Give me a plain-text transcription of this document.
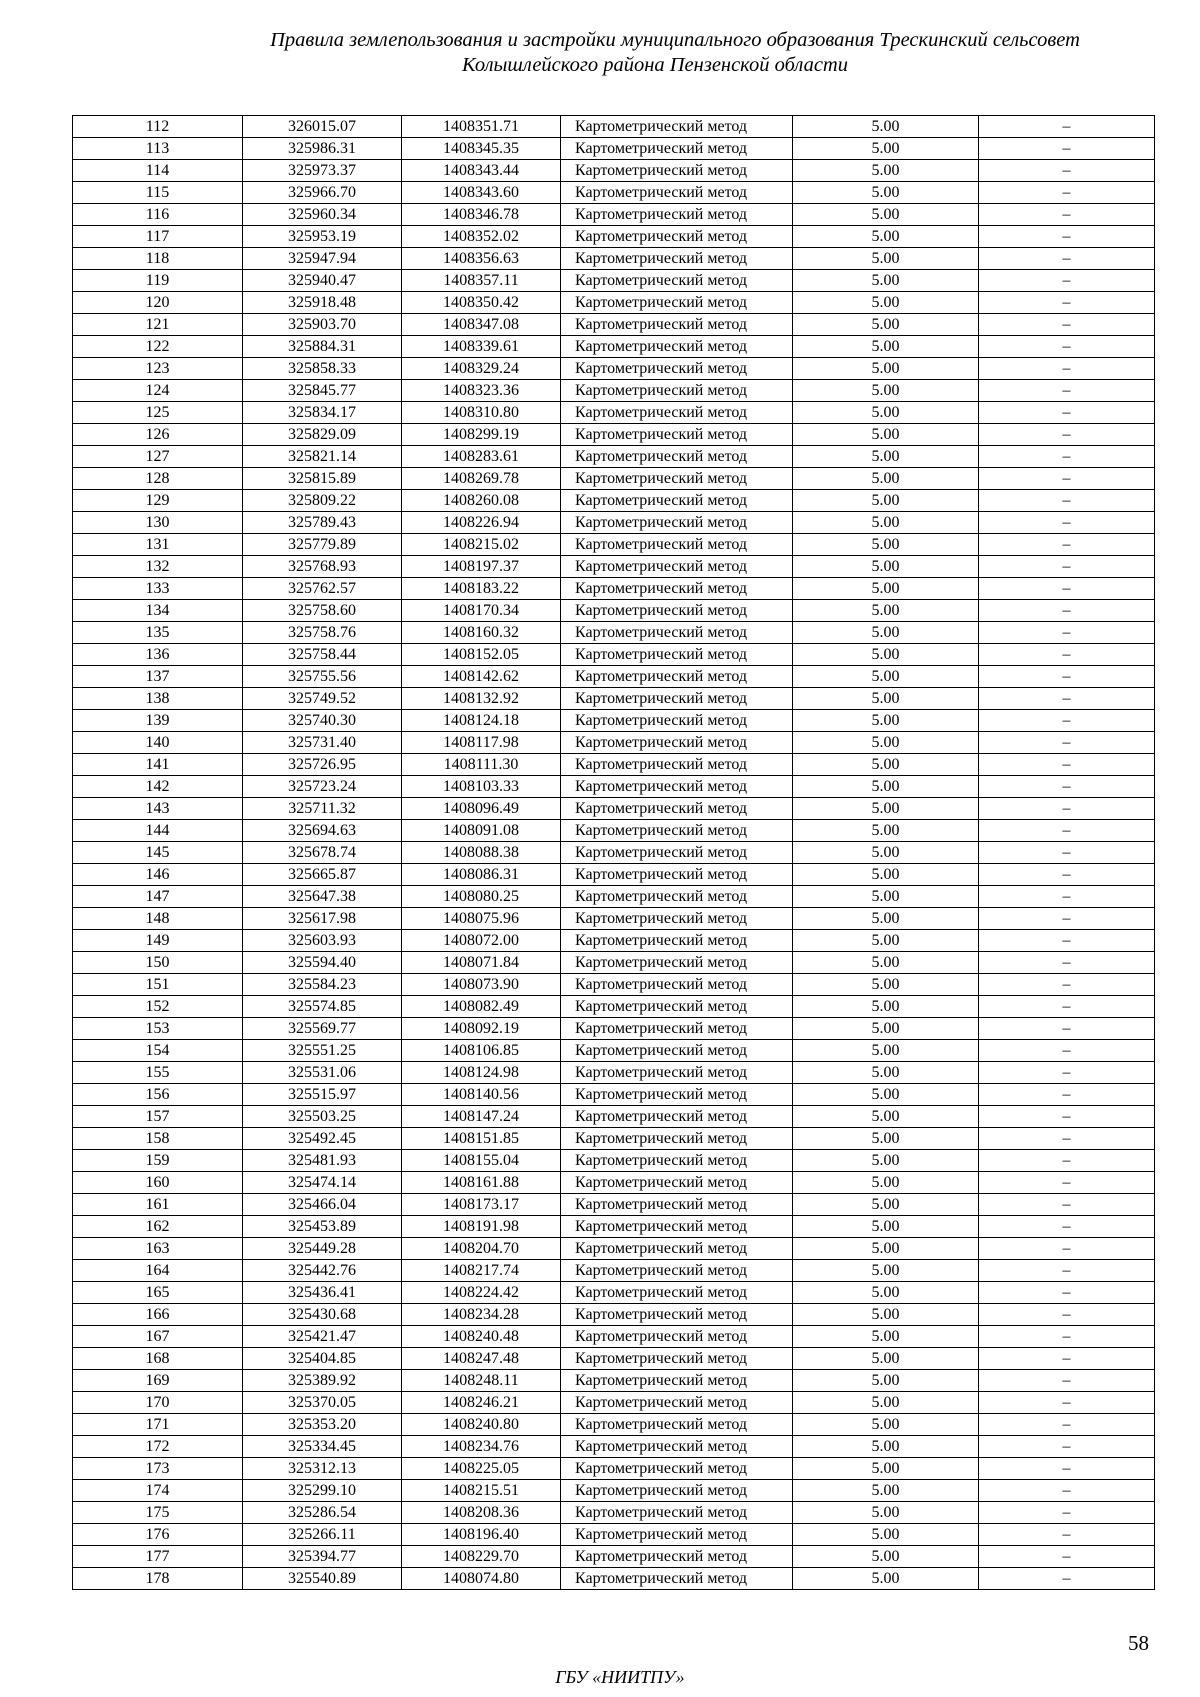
Правила землепользования и застройки муниципального образования Трескинский сельсовет
Колышлейского района Пензенской области
112	326015.07	1408351.71	Картометрический метод	5.00	–
113	325986.31	1408345.35	Картометрический метод	5.00	–
114	325973.37	1408343.44	Картометрический метод	5.00	–
115	325966.70	1408343.60	Картометрический метод	5.00	–
116	325960.34	1408346.78	Картометрический метод	5.00	–
117	325953.19	1408352.02	Картометрический метод	5.00	–
118	325947.94	1408356.63	Картометрический метод	5.00	–
119	325940.47	1408357.11	Картометрический метод	5.00	–
120	325918.48	1408350.42	Картометрический метод	5.00	–
121	325903.70	1408347.08	Картометрический метод	5.00	–
122	325884.31	1408339.61	Картометрический метод	5.00	–
123	325858.33	1408329.24	Картометрический метод	5.00	–
124	325845.77	1408323.36	Картометрический метод	5.00	–
125	325834.17	1408310.80	Картометрический метод	5.00	–
126	325829.09	1408299.19	Картометрический метод	5.00	–
127	325821.14	1408283.61	Картометрический метод	5.00	–
128	325815.89	1408269.78	Картометрический метод	5.00	–
129	325809.22	1408260.08	Картометрический метод	5.00	–
130	325789.43	1408226.94	Картометрический метод	5.00	–
131	325779.89	1408215.02	Картометрический метод	5.00	–
132	325768.93	1408197.37	Картометрический метод	5.00	–
133	325762.57	1408183.22	Картометрический метод	5.00	–
134	325758.60	1408170.34	Картометрический метод	5.00	–
135	325758.76	1408160.32	Картометрический метод	5.00	–
136	325758.44	1408152.05	Картометрический метод	5.00	–
137	325755.56	1408142.62	Картометрический метод	5.00	–
138	325749.52	1408132.92	Картометрический метод	5.00	–
139	325740.30	1408124.18	Картометрический метод	5.00	–
140	325731.40	1408117.98	Картометрический метод	5.00	–
141	325726.95	1408111.30	Картометрический метод	5.00	–
142	325723.24	1408103.33	Картометрический метод	5.00	–
143	325711.32	1408096.49	Картометрический метод	5.00	–
144	325694.63	1408091.08	Картометрический метод	5.00	–
145	325678.74	1408088.38	Картометрический метод	5.00	–
146	325665.87	1408086.31	Картометрический метод	5.00	–
147	325647.38	1408080.25	Картометрический метод	5.00	–
148	325617.98	1408075.96	Картометрический метод	5.00	–
149	325603.93	1408072.00	Картометрический метод	5.00	–
150	325594.40	1408071.84	Картометрический метод	5.00	–
151	325584.23	1408073.90	Картометрический метод	5.00	–
152	325574.85	1408082.49	Картометрический метод	5.00	–
153	325569.77	1408092.19	Картометрический метод	5.00	–
154	325551.25	1408106.85	Картометрический метод	5.00	–
155	325531.06	1408124.98	Картометрический метод	5.00	–
156	325515.97	1408140.56	Картометрический метод	5.00	–
157	325503.25	1408147.24	Картометрический метод	5.00	–
158	325492.45	1408151.85	Картометрический метод	5.00	–
159	325481.93	1408155.04	Картометрический метод	5.00	–
160	325474.14	1408161.88	Картометрический метод	5.00	–
161	325466.04	1408173.17	Картометрический метод	5.00	–
162	325453.89	1408191.98	Картометрический метод	5.00	–
163	325449.28	1408204.70	Картометрический метод	5.00	–
164	325442.76	1408217.74	Картометрический метод	5.00	–
165	325436.41	1408224.42	Картометрический метод	5.00	–
166	325430.68	1408234.28	Картометрический метод	5.00	–
167	325421.47	1408240.48	Картометрический метод	5.00	–
168	325404.85	1408247.48	Картометрический метод	5.00	–
169	325389.92	1408248.11	Картометрический метод	5.00	–
170	325370.05	1408246.21	Картометрический метод	5.00	–
171	325353.20	1408240.80	Картометрический метод	5.00	–
172	325334.45	1408234.76	Картометрический метод	5.00	–
173	325312.13	1408225.05	Картометрический метод	5.00	–
174	325299.10	1408215.51	Картометрический метод	5.00	–
175	325286.54	1408208.36	Картометрический метод	5.00	–
176	325266.11	1408196.40	Картометрический метод	5.00	–
177	325394.77	1408229.70	Картометрический метод	5.00	–
178	325540.89	1408074.80	Картометрический метод	5.00	–
58
ГБУ «НИИТПУ»
